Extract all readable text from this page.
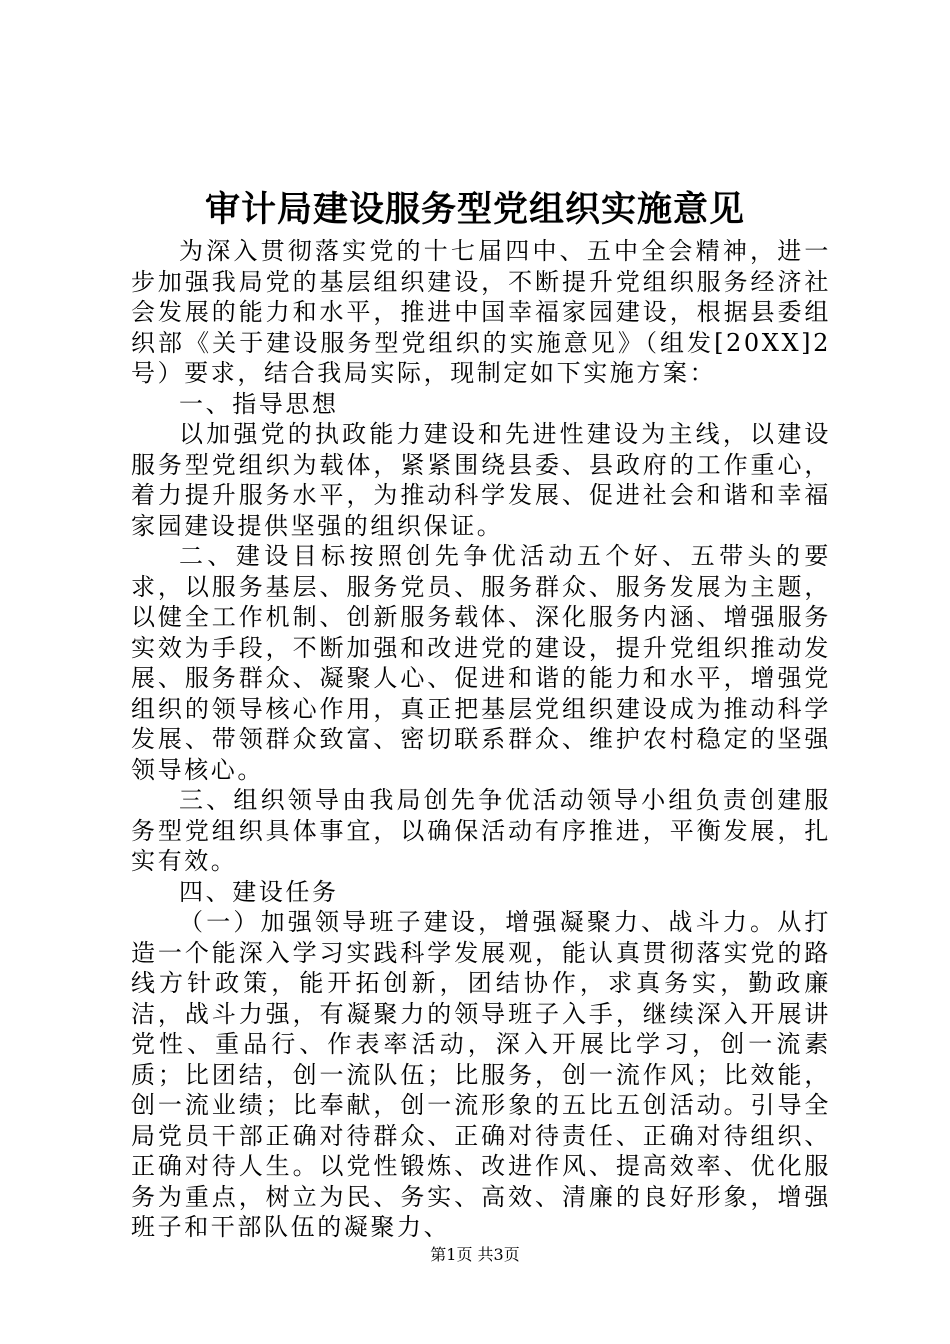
审计局建设服务型党组织实施意见

为深入贯彻落实党的十七届四中、五中全会精神，进一步加强我局党的基层组织建设，不断提升党组织服务经济社会发展的能力和水平，推进中国幸福家园建设，根据县委组织部《关于建设服务型党组织的实施意见》（组发[20XX]2号）要求，结合我局实际，现制定如下实施方案：

一、指导思想

以加强党的执政能力建设和先进性建设为主线，以建设服务型党组织为载体，紧紧围绕县委、县政府的工作重心，着力提升服务水平，为推动科学发展、促进社会和谐和幸福家园建设提供坚强的组织保证。

二、建设目标按照创先争优活动五个好、五带头的要求，以服务基层、服务党员、服务群众、服务发展为主题，以健全工作机制、创新服务载体、深化服务内涵、增强服务实效为手段，不断加强和改进党的建设，提升党组织推动发展、服务群众、凝聚人心、促进和谐的能力和水平，增强党组织的领导核心作用，真正把基层党组织建设成为推动科学发展、带领群众致富、密切联系群众、维护农村稳定的坚强领导核心。

三、组织领导由我局创先争优活动领导小组负责创建服务型党组织具体事宜，以确保活动有序推进，平衡发展，扎实有效。

四、建设任务

（一）加强领导班子建设，增强凝聚力、战斗力。从打造一个能深入学习实践科学发展观，能认真贯彻落实党的路线方针政策，能开拓创新，团结协作，求真务实，勤政廉洁，战斗力强，有凝聚力的领导班子入手，继续深入开展讲党性、重品行、作表率活动，深入开展比学习，创一流素质；比团结，创一流队伍；比服务，创一流作风；比效能，创一流业绩；比奉献，创一流形象的五比五创活动。引导全局党员干部正确对待群众、正确对待责任、正确对待组织、正确对待人生。以党性锻炼、改进作风、提高效率、优化服务为重点，树立为民、务实、高效、清廉的良好形象，增强班子和干部队伍的凝聚力、

第1页 共3页
